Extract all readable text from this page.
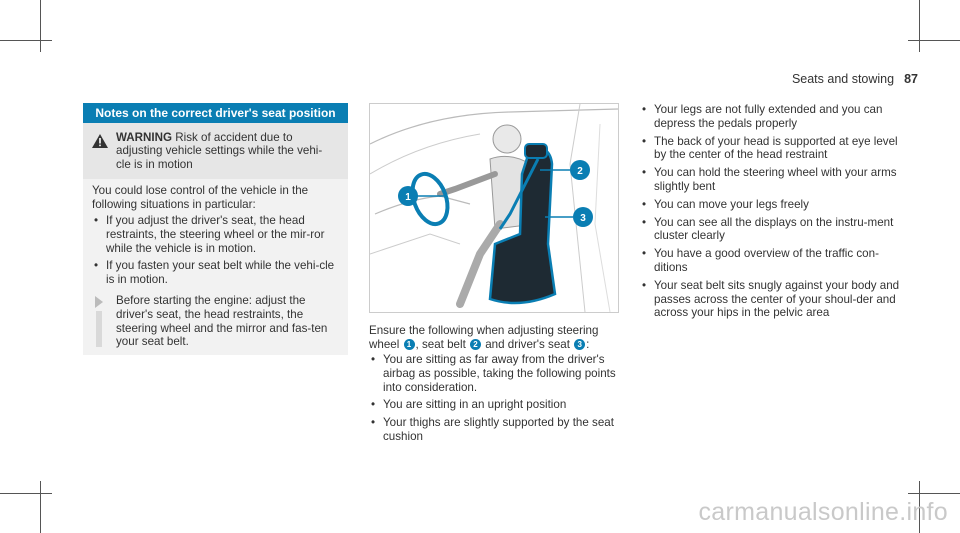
Seats and stowing 87
Notes on the correct driver's seat position
WARNING Risk of accident due to adjusting vehicle settings while the vehi-cle is in motion
You could lose control of the vehicle in the following situations in particular:
• If you adjust the driver's seat, the head restraints, the steering wheel or the mir-ror while the vehicle is in motion.
• If you fasten your seat belt while the vehi-cle is in motion.
Before starting the engine: adjust the driver's seat, the head restraints, the steering wheel and the mirror and fas-ten your seat belt.
1
2
3
Ensure the following when adjusting steering wheel 1 , seat belt 2 and driver's seat 3 :
• You are sitting as far away from the driver's airbag as possible, taking the following points into consideration.
• You are sitting in an upright position
• Your thighs are slightly supported by the seat cushion
• Your legs are not fully extended and you can depress the pedals properly
• The back of your head is supported at eye level by the center of the head restraint
• You can hold the steering wheel with your arms slightly bent
• You can move your legs freely
• You can see all the displays on the instru-ment cluster clearly
• You have a good overview of the traffic con-ditions
• Your seat belt sits snugly against your body and passes across the center of your shoul-der and across your hips in the pelvic area
carmanualsonline.info
